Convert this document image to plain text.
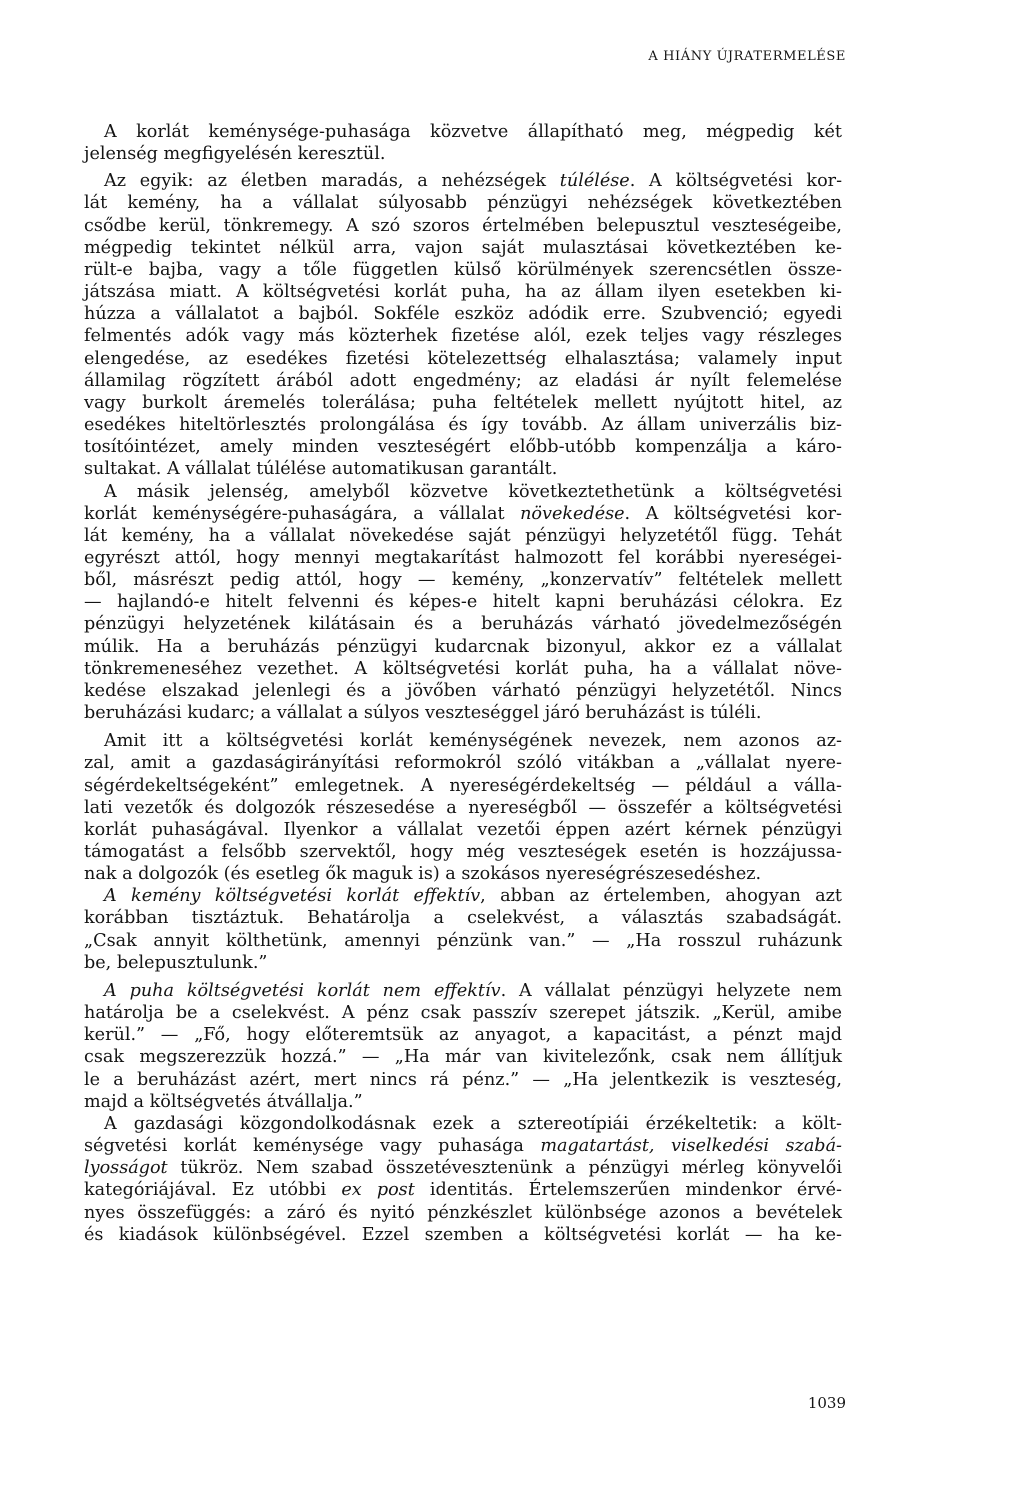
A HIÁNY ÚJRATERMELÉSE

A korlát keménysége-puhasága közvetve állapítható meg, mégpedig két
jelenség megfigyelésén keresztül.

Az egyik: az életben maradás, a nehézségek túlélése. A költségvetési kor-
lát kemény, ha a vállalat súlyosabb pénzügyi nehézségek következtében
csődbe kerül, tönkremegy. A szó szoros értelmében belepusztul veszteségeibe,
mégpedig tekintet nélkül arra, vajon saját mulasztásai következtében ke-
rült-e bajba, vagy a tőle független külső körülmények szerencsétlen össze-
játszása miatt. A költségvetési korlát puha, ha az állam ilyen esetekben ki-
húzza a vállalatot a bajból. Sokféle eszköz adódik erre. Szubvenció; egyedi
felmentés adók vagy más közterhek fizetése alól, ezek teljes vagy részleges
elengedése, az esedékes fizetési kötelezettség elhalasztása; valamely input
államilag rögzített árából adott engedmény; az eladási ár nyílt felemelése
vagy burkolt áremelés tolerálása; puha feltételek mellett nyújtott hitel, az
esedékes hiteltörlesztés prolongálása és így tovább. Az állam univerzális biz-
tosítóintézet, amely minden veszteségért előbb-utóbb kompenzálja a káro-
sultakat. A vállalat túlélése automatikusan garantált.

A másik jelenség, amelyből közvetve következtethetünk a költségvetési
korlát keménységére-puhaságára, a vállalat növekedése. A költségvetési kor-
lát kemény, ha a vállalat növekedése saját pénzügyi helyzetétől függ. Tehát
egyrészt attól, hogy mennyi megtakarítást halmozott fel korábbi nyereségei-
ből, másrészt pedig attól, hogy — kemény, „konzervatív” feltételek mellett
— hajlandó-e hitelt felvenni és képes-e hitelt kapni beruházási célokra. Ez
pénzügyi helyzetének kilátásain és a beruházás várható jövedelmezőségén
múlik. Ha a beruházás pénzügyi kudarcnak bizonyul, akkor ez a vállalat
tönkremeneséhez vezethet. A költségvetési korlát puha, ha a vállalat növe-
kedése elszakad jelenlegi és a jövőben várható pénzügyi helyzetétől. Nincs
beruházási kudarc; a vállalat a súlyos veszteséggel járó beruházást is túléli.

Amit itt a költségvetési korlát keménységének nevezek, nem azonos az-
zal, amit a gazdaságirányítási reformokról szóló vitákban a „vállalat nyere-
ségérdekeltségeként” emlegetnek. A nyereségérdekeltség — például a válla-
lati vezetők és dolgozók részesedése a nyereségből — összefér a költségvetési
korlát puhaságával. Ilyenkor a vállalat vezetői éppen azért kérnek pénzügyi
támogatást a felsőbb szervektől, hogy még veszteségek esetén is hozzájussa-
nak a dolgozók (és esetleg ők maguk is) a szokásos nyereségrészesedéshez.

A kemény költségvetési korlát effektív, abban az értelemben, ahogyan azt
korábban tisztáztuk. Behatárolja a cselekvést, a választás szabadságát.
„Csak annyit költhetünk, amennyi pénzünk van.” — „Ha rosszul ruházunk
be, belepusztulunk.”

A puha költségvetési korlát nem effektív. A vállalat pénzügyi helyzete nem
határolja be a cselekvést. A pénz csak passzív szerepet játszik. „Kerül, amibe
kerül.” — „Fő, hogy előteremtsük az anyagot, a kapacitást, a pénzt majd
csak megszerezzük hozzá.” — „Ha már van kivitelezőnk, csak nem állítjuk
le a beruházást azért, mert nincs rá pénz.” — „Ha jelentkezik is veszteség,
majd a költségvetés átvállalja.”

A gazdasági közgondolkodásnak ezek a sztereotípiái érzékeltetik: a költ-
ségvetési korlát keménysége vagy puhasága magatartást, viselkedési szabá-
lyosságot tükröz. Nem szabad összetévesztenünk a pénzügyi mérleg könyvelői
kategóriájával. Ez utóbbi ex post identitás. Értelemszerűen mindenkor érvé-
nyes összefüggés: a záró és nyitó pénzkészlet különbsége azonos a bevételek
és kiadások különbségével. Ezzel szemben a költségvetési korlát — ha ke-

1039
